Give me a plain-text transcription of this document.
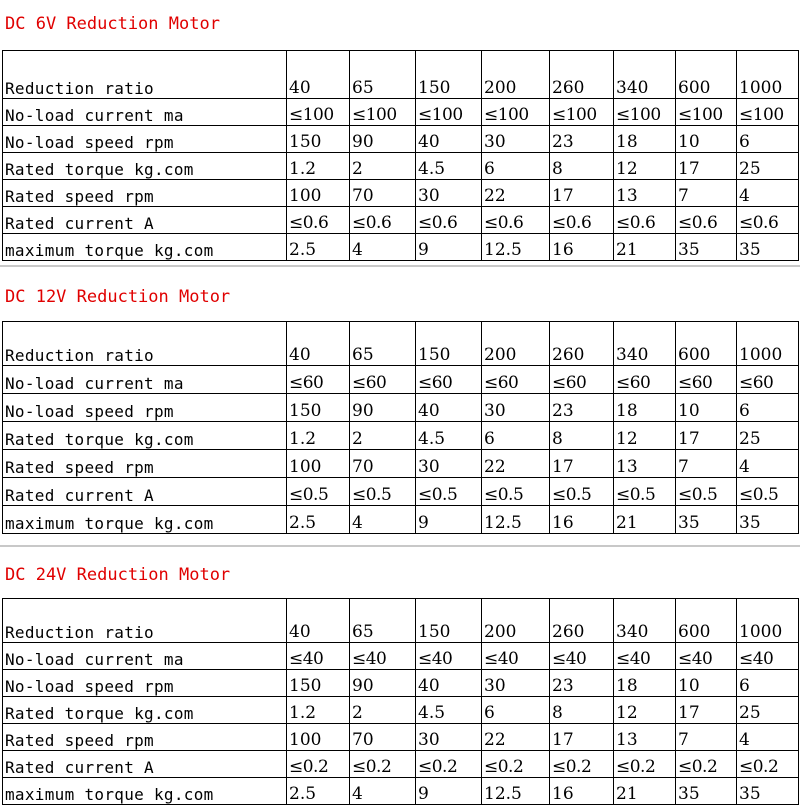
DC 6V Reduction Motor
Reduction ratio	40	65	150	200	260	340	600	1000
No-load current ma	≤100	≤100	≤100	≤100	≤100	≤100	≤100	≤100
No-load speed rpm	150	90	40	30	23	18	10	6
Rated torque kg.com	1.2	2	4.5	6	8	12	17	25
Rated speed rpm	100	70	30	22	17	13	7	4
Rated current A	≤0.6	≤0.6	≤0.6	≤0.6	≤0.6	≤0.6	≤0.6	≤0.6
maximum torque kg.com	2.5	4	9	12.5	16	21	35	35
DC 12V Reduction Motor
Reduction ratio	40	65	150	200	260	340	600	1000
No-load current ma	≤60	≤60	≤60	≤60	≤60	≤60	≤60	≤60
No-load speed rpm	150	90	40	30	23	18	10	6
Rated torque kg.com	1.2	2	4.5	6	8	12	17	25
Rated speed rpm	100	70	30	22	17	13	7	4
Rated current A	≤0.5	≤0.5	≤0.5	≤0.5	≤0.5	≤0.5	≤0.5	≤0.5
maximum torque kg.com	2.5	4	9	12.5	16	21	35	35
DC 24V Reduction Motor
Reduction ratio	40	65	150	200	260	340	600	1000
No-load current ma	≤40	≤40	≤40	≤40	≤40	≤40	≤40	≤40
No-load speed rpm	150	90	40	30	23	18	10	6
Rated torque kg.com	1.2	2	4.5	6	8	12	17	25
Rated speed rpm	100	70	30	22	17	13	7	4
Rated current A	≤0.2	≤0.2	≤0.2	≤0.2	≤0.2	≤0.2	≤0.2	≤0.2
maximum torque kg.com	2.5	4	9	12.5	16	21	35	35
